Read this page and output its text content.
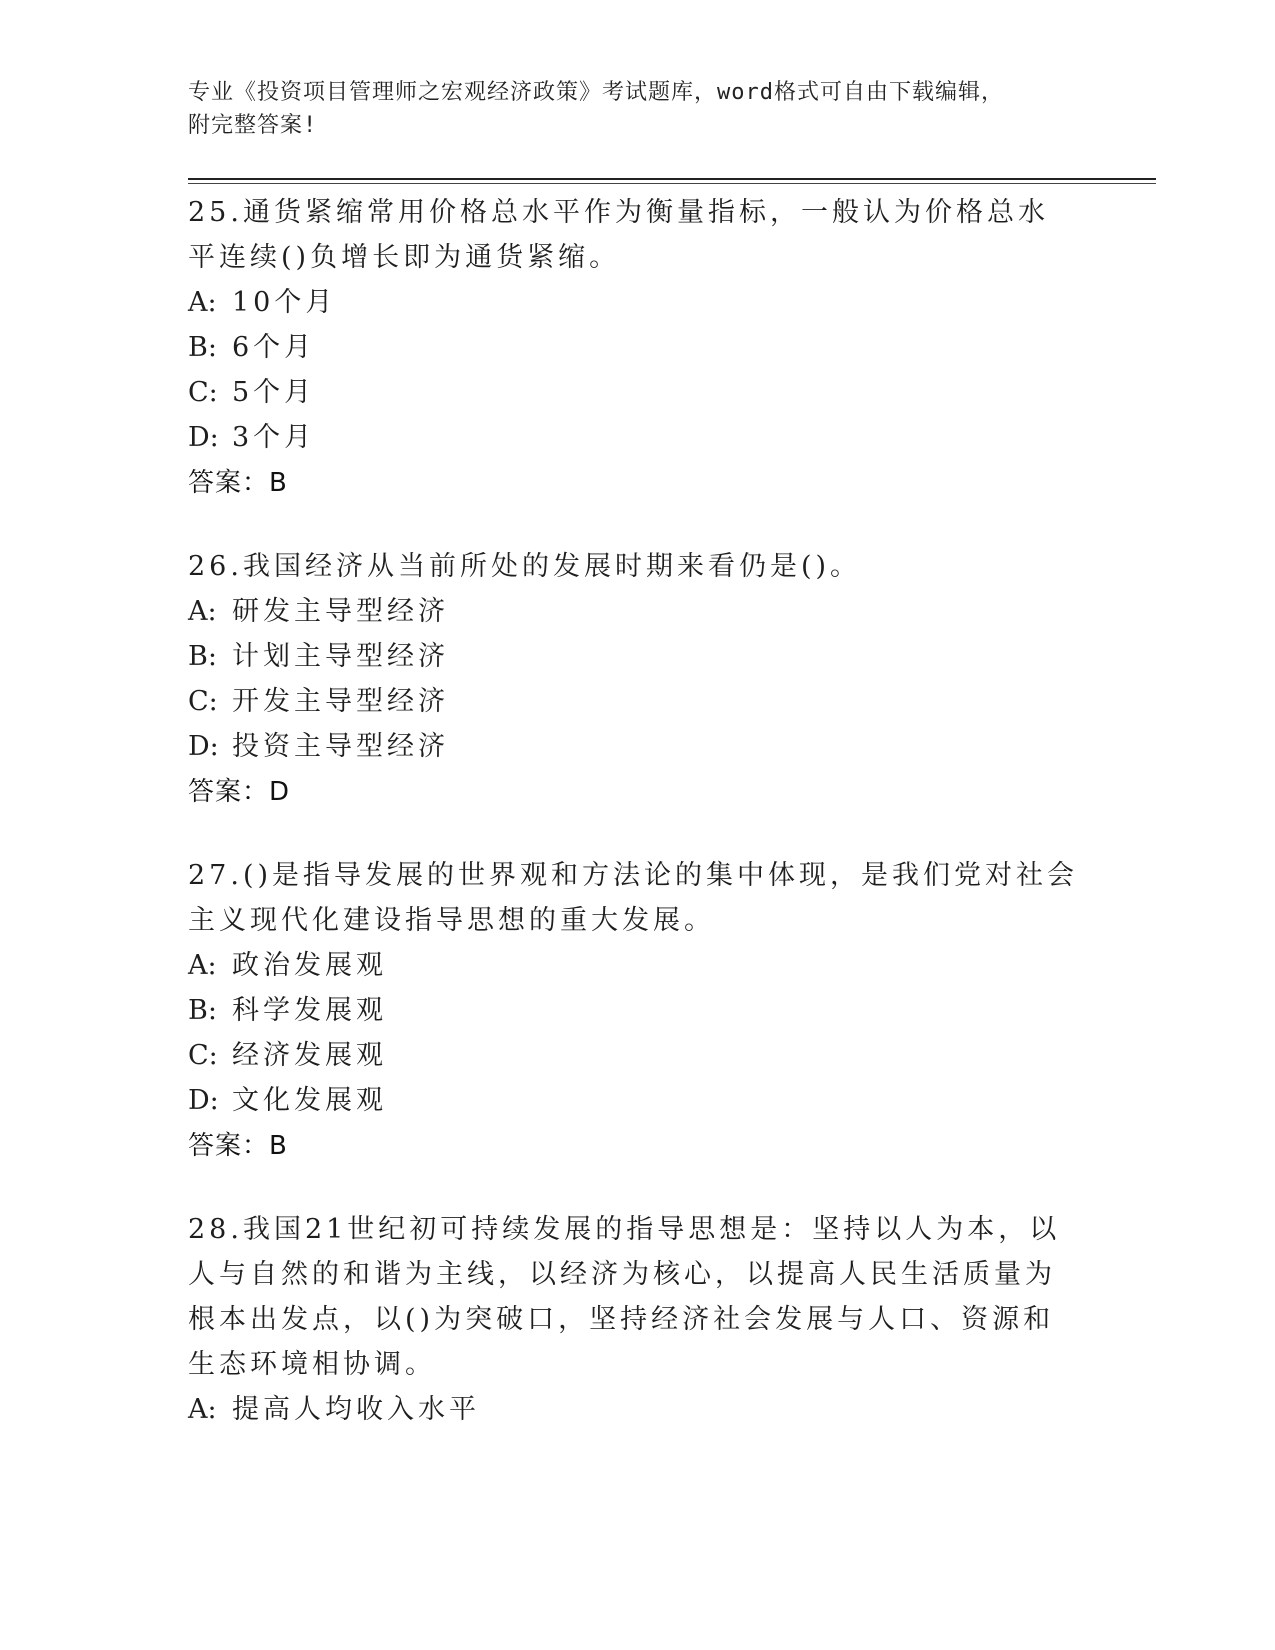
专业《投资项目管理师之宏观经济政策》考试题库，word格式可自由下载编辑，
附完整答案!
25.通货紧缩常用价格总水平作为衡量指标，一般认为价格总水平连续()负增长即为通货紧缩。
A: 10个月
B: 6个月
C: 5个月
D: 3个月
答案：B
26.我国经济从当前所处的发展时期来看仍是()。
A: 研发主导型经济
B: 计划主导型经济
C: 开发主导型经济
D: 投资主导型经济
答案：D
27.()是指导发展的世界观和方法论的集中体现，是我们党对社会主义现代化建设指导思想的重大发展。
A: 政治发展观
B: 科学发展观
C: 经济发展观
D: 文化发展观
答案：B
28.我国21世纪初可持续发展的指导思想是：坚持以人为本，以人与自然的和谐为主线，以经济为核心，以提高人民生活质量为根本出发点，以()为突破口，坚持经济社会发展与人口、资源和生态环境相协调。
A: 提高人均收入水平
